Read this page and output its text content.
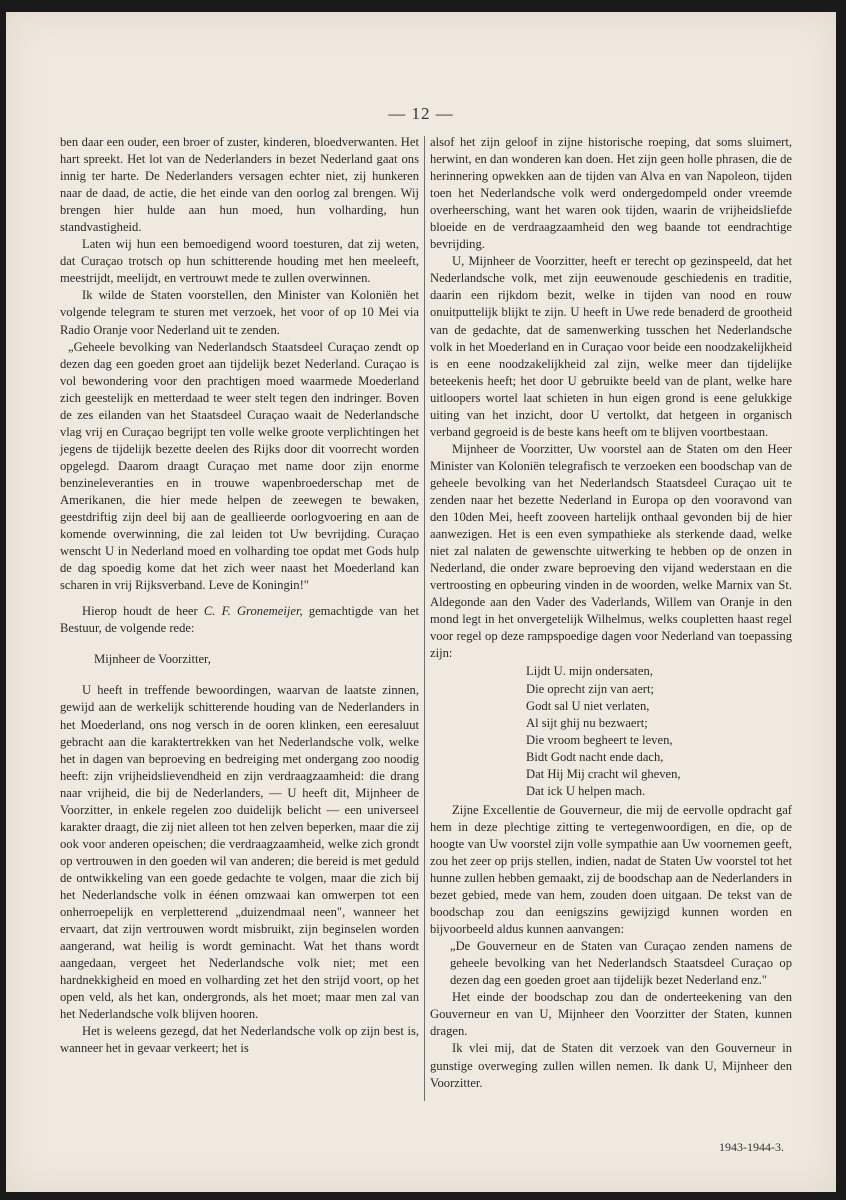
— 12 —

ben daar een ouder, een broer of zuster, kinderen, bloedverwanten. Het hart spreekt. Het lot van de Nederlanders in bezet Nederland gaat ons innig ter harte. De Nederlanders versagen echter niet, zij hunkeren naar de daad, de actie, die het einde van den oorlog zal brengen. Wij brengen hier hulde aan hun moed, hun volharding, hun standvastigheid.

Laten wij hun een bemoedigend woord toesturen, dat zij weten, dat Curaçao trotsch op hun schitterende houding met hen meeleeft, meestrijdt, meelijdt, en vertrouwt mede te zullen overwinnen.

Ik wilde de Staten voorstellen, den Minister van Koloniën het volgende telegram te sturen met verzoek, het voor of op 10 Mei via Radio Oranje voor Nederland uit te zenden.

„Geheele bevolking van Nederlandsch Staatsdeel Curaçao zendt op dezen dag een goeden groet aan tijdelijk bezet Nederland. Curaçao is vol bewondering voor den prachtigen moed waarmede Moederland zich geestelijk en metterdaad te weer stelt tegen den indringer. Boven de zes eilanden van het Staatsdeel Curaçao waait de Nederlandsche vlag vrij en Curaçao begrijpt ten volle welke groote verplichtingen het jegens de tijdelijk bezette deelen des Rijks door dit voorrecht worden opgelegd. Daarom draagt Curaçao met name door zijn enorme benzineleveranties en in trouwe wapenbroederschap met de Amerikanen, die hier mede helpen de zeewegen te bewaken, geestdriftig zijn deel bij aan de geallieerde oorlogvoering en aan de komende overwinning, die zal leiden tot Uw bevrijding. Curaçao wenscht U in Nederland moed en volharding toe opdat met Gods hulp de dag spoedig kome dat het zich weer naast het Moederland kan scharen in vrij Rijksverband. Leve de Koningin!"

Hierop houdt de heer C. F. Gronemeijer, gemachtigde van het Bestuur, de volgende rede:

Mijnheer de Voorzitter,

U heeft in treffende bewoordingen, waarvan de laatste zinnen, gewijd aan de werkelijk schitterende houding van de Nederlanders in het Moederland, ons nog versch in de ooren klinken, een eeresaluut gebracht aan die karaktertrekken van het Nederlandsche volk, welke het in dagen van beproeving en bedreiging met ondergang zoo noodig heeft: zijn vrijheidslievendheid en zijn verdraagzaamheid: die drang naar vrijheid, die bij de Nederlanders, — U heeft dit, Mijnheer de Voorzitter, in enkele regelen zoo duidelijk belicht — een universeel karakter draagt, die zij niet alleen tot hen zelven beperken, maar die zij ook voor anderen opeischen; die verdraagzaamheid, welke zich grondt op vertrouwen in den goeden wil van anderen; die bereid is met geduld de ontwikkeling van een goede gedachte te volgen, maar die zich bij het Nederlandsche volk in éénen omzwaai kan omwerpen tot een onherroepelijk en verpletterend „duizendmaal neen", wanneer het ervaart, dat zijn vertrouwen wordt misbruikt, zijn beginselen worden aangerand, wat heilig is wordt geminacht. Wat het thans wordt aangedaan, vergeet het Nederlandsche volk niet; met een hardnekkigheid en moed en volharding zet het den strijd voort, op het open veld, als het kan, ondergronds, als het moet; maar men zal van het Nederlandsche volk blijven hooren.

Het is weleens gezegd, dat het Nederlandsche volk op zijn best is, wanneer het in gevaar verkeert; het is

alsof het zijn geloof in zijne historische roeping, dat soms sluimert, herwint, en dan wonderen kan doen. Het zijn geen holle phrasen, die de herinnering opwekken aan de tijden van Alva en van Napoleon, tijden toen het Nederlandsche volk werd ondergedompeld onder vreemde overheersching, want het waren ook tijden, waarin de vrijheidsliefde bloeide en de verdraagzaamheid den weg baande tot eendrachtige bevrijding.

U, Mijnheer de Voorzitter, heeft er terecht op gezinspeeld, dat het Nederlandsche volk, met zijn eeuwenoude geschiedenis en traditie, daarin een rijkdom bezit, welke in tijden van nood en rouw onuitputtelijk blijkt te zijn. U heeft in Uwe rede benaderd de grootheid van de gedachte, dat de samenwerking tusschen het Nederlandsche volk in het Moederland en in Curaçao voor beide een noodzakelijkheid is en eene noodzakelijkheid zal zijn, welke meer dan tijdelijke beteekenis heeft; het door U gebruikte beeld van de plant, welke hare uitloopers wortel laat schieten in hun eigen grond is eene gelukkige uiting van het inzicht, door U vertolkt, dat hetgeen in organisch verband gegroeid is de beste kans heeft om te blijven voortbestaan.

Mijnheer de Voorzitter, Uw voorstel aan de Staten om den Heer Minister van Koloniën telegrafisch te verzoeken een boodschap van de geheele bevolking van het Nederlandsch Staatsdeel Curaçao uit te zenden naar het bezette Nederland in Europa op den vooravond van den 10den Mei, heeft zooveen hartelijk onthaal gevonden bij de hier aanwezigen. Het is een even sympathieke als sterkende daad, welke niet zal nalaten de gewenschte uitwerking te hebben op de onzen in Nederland, die onder zware beproeving den vijand wederstaan en die vertroosting en opbeuring vinden in de woorden, welke Marnix van St. Aldegonde aan den Vader des Vaderlands, Willem van Oranje in den mond legt in het onvergetelijk Wilhelmus, welks coupletten haast regel voor regel op deze rampspoedige dagen voor Nederland van toepassing zijn:

Lijdt U. mijn ondersaten,
Die oprecht zijn van aert;
Godt sal U niet verlaten,
Al sijt ghij nu bezwaert;
Die vroom begheert te leven,
Bidt Godt nacht ende dach,
Dat Hij Mij cracht wil gheven,
Dat ick U helpen mach.

Zijne Excellentie de Gouverneur, die mij de eervolle opdracht gaf hem in deze plechtige zitting te vertegenwoordigen, en die, op de hoogte van Uw voorstel zijn volle sympathie aan Uw voornemen geeft, zou het zeer op prijs stellen, indien, nadat de Staten Uw voorstel tot het hunne zullen hebben gemaakt, zij de boodschap aan de Nederlanders in bezet gebied, mede van hem, zouden doen uitgaan. De tekst van de boodschap zou dan eenigszins gewijzigd kunnen worden en bijvoorbeeld aldus kunnen aanvangen:

„De Gouverneur en de Staten van Curaçao zenden namens de geheele bevolking van het Nederlandsch Staatsdeel Curaçao op dezen dag een goeden groet aan tijdelijk bezet Nederland enz."

Het einde der boodschap zou dan de onderteekening van den Gouverneur en van U, Mijnheer den Voorzitter der Staten, kunnen dragen.

Ik vlei mij, dat de Staten dit verzoek van den Gouverneur in gunstige overweging zullen willen nemen. Ik dank U, Mijnheer den Voorzitter.

1943-1944-3.
